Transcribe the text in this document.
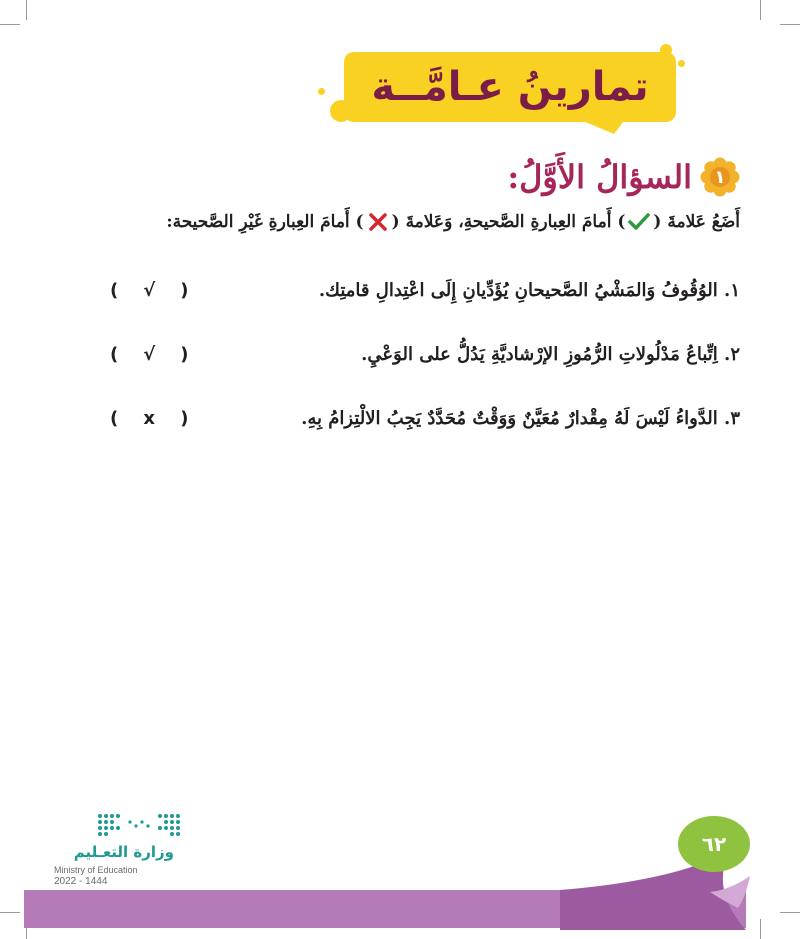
تمارينُ عـامَّــة
١
السؤالُ الأَوَّلُ:
أَضَعُ عَلامةَ (
) أَمامَ العِبارةِ الصَّحيحةِ، وَعَلامةَ (
) أَمامَ العِبارةِ غَيْرِ الصَّحيحة:
١. الوُقُوفُ وَالمَشْيُ الصَّحيحانِ يُؤَدِّيانِ إِلَى اعْتِدالِ قامتِك.
( √ )
٢. اِتِّباعُ مَدْلُولاتِ الرُّمُوزِ الإرْشاديَّةِ يَدُلُّ على الوَعْيِ.
( √ )
٣. الدَّواءُ لَيْسَ لَهُ مِقْدارٌ مُعَيَّنٌ وَوَقْتٌ مُحَدَّدٌ يَجِبُ الالْتِزامُ بِهِ.
( x )
٦٢
وزارة التعـليم
Ministry of Education
2022 - 1444
